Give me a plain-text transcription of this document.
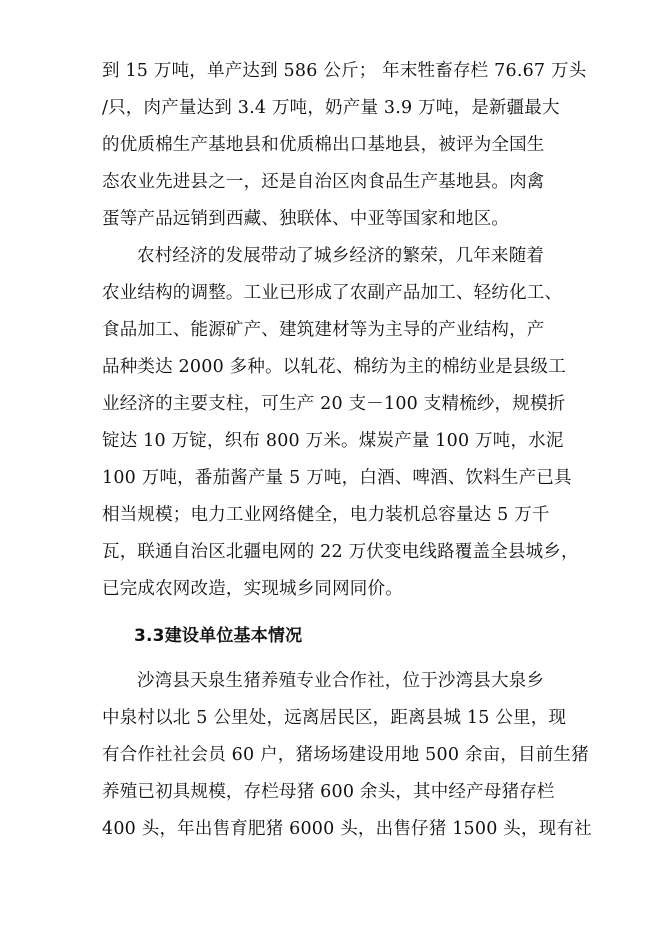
到 15 万吨，单产达到 586 公斤； 年末牲畜存栏 76.67 万头
/只，肉产量达到 3.4 万吨，奶产量 3.9 万吨，是新疆最大
的优质棉生产基地县和优质棉出口基地县，被评为全国生
态农业先进县之一，还是自治区肉食品生产基地县。肉禽
蛋等产品远销到西藏、独联体、中亚等国家和地区。
农村经济的发展带动了城乡经济的繁荣，几年来随着
农业结构的调整。工业已形成了农副产品加工、轻纺化工、
食品加工、能源矿产、建筑建材等为主导的产业结构，产
品种类达 2000 多种。以轧花、棉纺为主的棉纺业是县级工
业经济的主要支柱，可生产 20 支－100 支精梳纱，规模折
锭达 10 万锭，织布 800 万米。煤炭产量 100 万吨，水泥
100 万吨，番茄酱产量 5 万吨，白酒、啤酒、饮料生产已具
相当规模；电力工业网络健全，电力装机总容量达 5 万千
瓦，联通自治区北疆电网的 22 万伏变电线路覆盖全县城乡，
已完成农网改造，实现城乡同网同价。
3.3建设单位基本情况
沙湾县天泉生猪养殖专业合作社，位于沙湾县大泉乡
中泉村以北 5 公里处，远离居民区，距离县城 15 公里，现
有合作社社会员 60 户，猪场场建设用地 500 余亩，目前生猪
养殖已初具规模，存栏母猪 600 余头，其中经产母猪存栏
400 头，年出售育肥猪 6000 头，出售仔猪 1500 头，现有社
